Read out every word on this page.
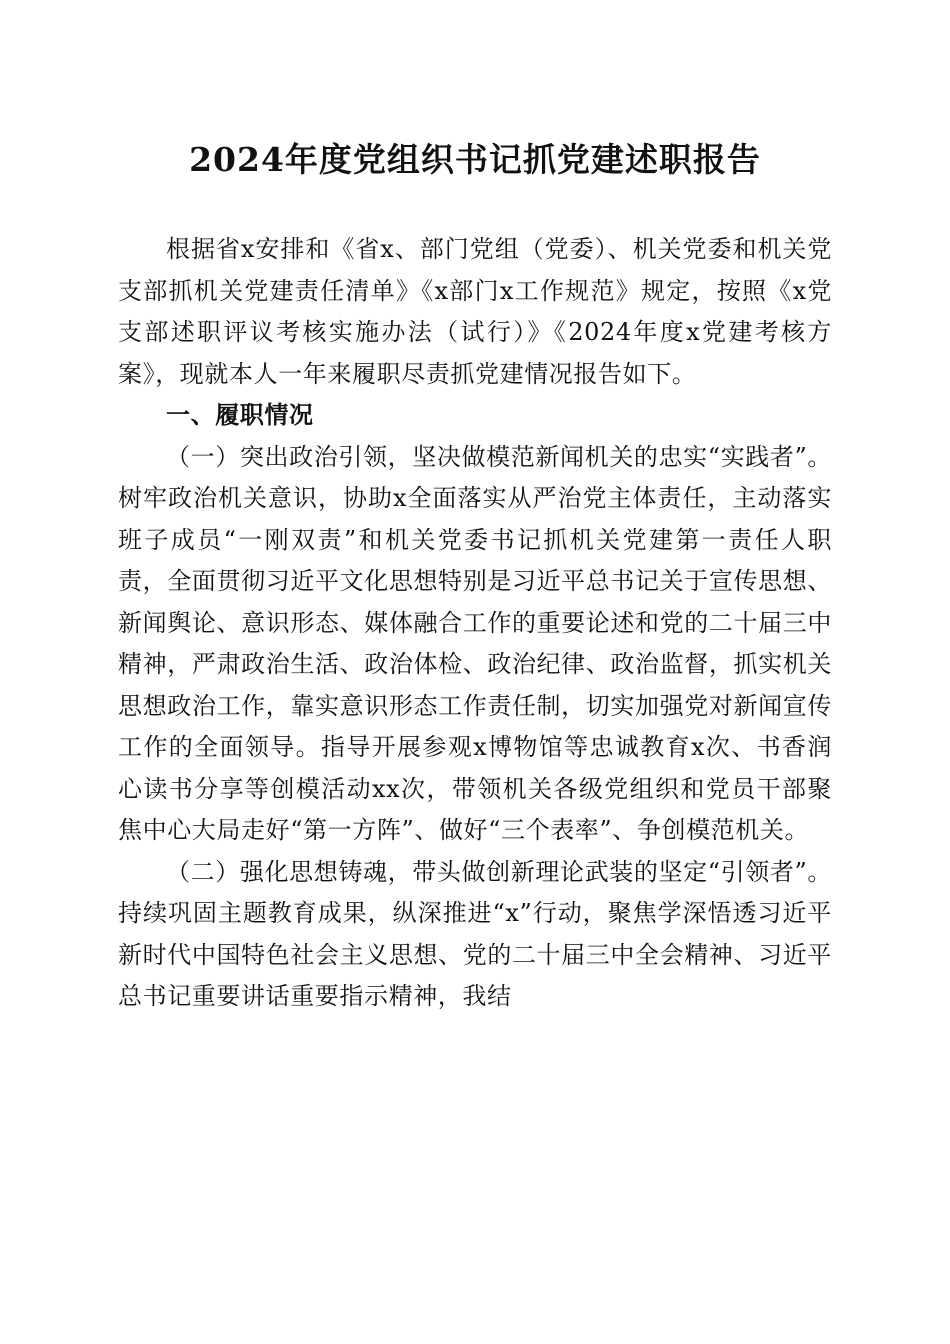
2024年度党组织书记抓党建述职报告

根据省x安排和《省x、部门党组（党委）、机关党委和机关党支部抓机关党建责任清单》《x部门x工作规范》规定，按照《x党支部述职评议考核实施办法（试行）》《2024年度x党建考核方案》，现就本人一年来履职尽责抓党建情况报告如下。

一、履职情况

（一）突出政治引领，坚决做模范新闻机关的忠实“实践者”。树牢政治机关意识，协助x全面落实从严治党主体责任，主动落实班子成员“一刚双责”和机关党委书记抓机关党建第一责任人职责，全面贯彻习近平文化思想特别是习近平总书记关于宣传思想、新闻舆论、意识形态、媒体融合工作的重要论述和党的二十届三中精神，严肃政治生活、政治体检、政治纪律、政治监督，抓实机关思想政治工作，靠实意识形态工作责任制，切实加强党对新闻宣传工作的全面领导。指导开展参观x博物馆等忠诚教育x次、书香润心读书分享等创模活动xx次，带领机关各级党组织和党员干部聚焦中心大局走好“第一方阵”、做好“三个表率”、争创模范机关。

（二）强化思想铸魂，带头做创新理论武装的坚定“引领者”。持续巩固主题教育成果，纵深推进“x”行动，聚焦学深悟透习近平新时代中国特色社会主义思想、党的二十届三中全会精神、习近平总书记重要讲话重要指示精神，我结
